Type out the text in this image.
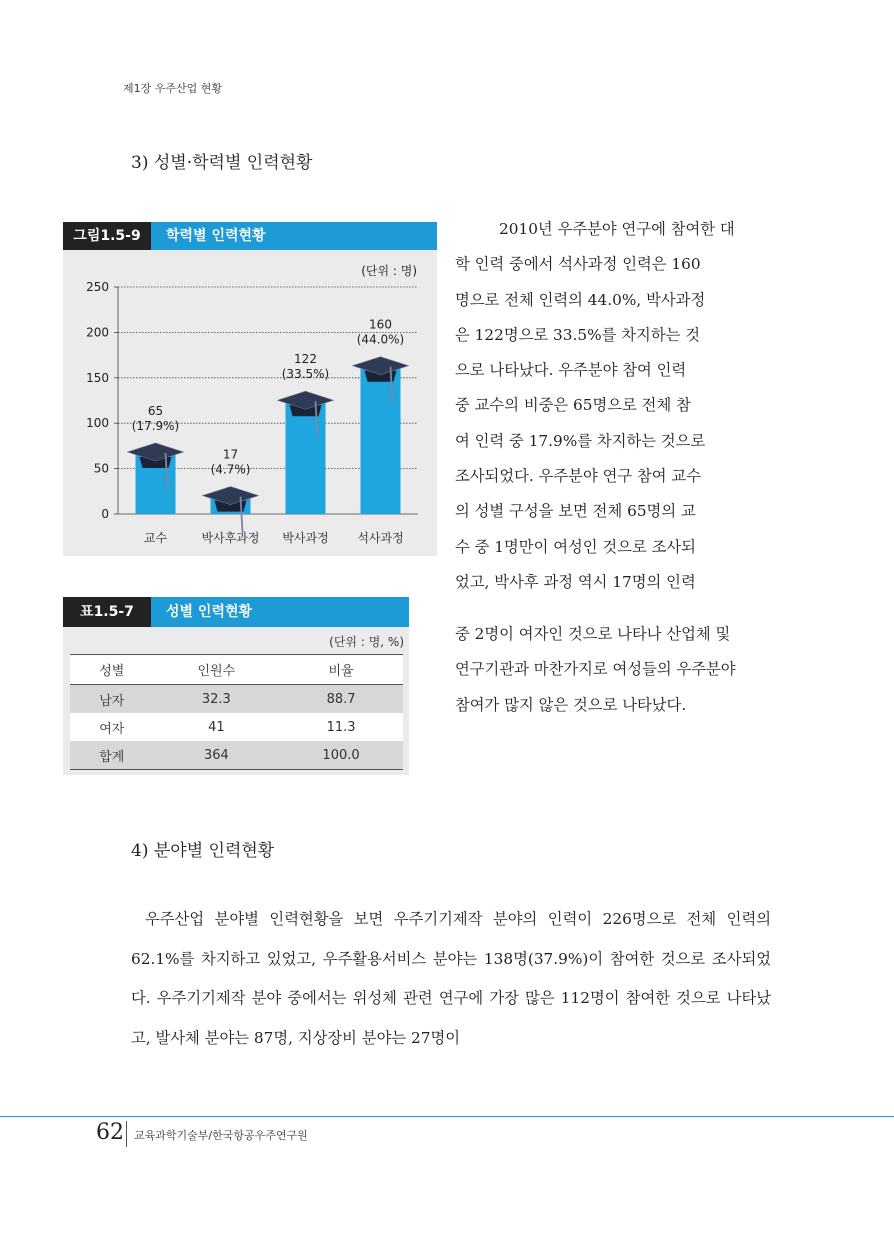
제1장 우주산업 현황
3) 성별·학력별 인력현황
그림1.5-9	학력별 인력현황
(단위 : 명)
0
50
100
150
200
250
65
(17.9%)
17
(4.7%)
122
(33.5%)
160
(44.0%)
교수	박사후과정 박사과정 석사과정
표1.5-7	성별 인력현황
(단위 : 명, %)
성별	인원수	비율
남자	32.3	88.7
여자	41	11.3
합계	364	100.0

2010년 우주분야 연구에 참여한 대

학 인력 중에서 석사과정 인력은 160

명으로 전체 인력의 44.0%, 박사과정

은 122명으로 33.5%를 차지하는 것

으로 나타났다. 우주분야 참여 인력

중 교수의 비중은 65명으로 전체 참

여 인력 중 17.9%를 차지하는 것으로

조사되었다. 우주분야 연구 참여 교수

의 성별 구성을 보면 전체 65명의 교

수 중 1명만이 여성인 것으로 조사되

었고, 박사후 과정 역시 17명의 인력

중 2명이 여자인 것으로 나타나 산업체 및

연구기관과 마찬가지로 여성들의 우주분야

참여가 많지 않은 것으로 나타났다.

4) 분야별 인력현황

우주산업 분야별 인력현황을 보면 우주기기제작 분야의 인력이 226명으로 전체 인력의 62.1%를 차지하고 있었고, 우주활용서비스 분야는 138명(37.9%)이 참여한 것으로 조사되었다. 우주기기제작 분야 중에서는 위성체 관련 연구에 가장 많은 112명이 참여한 것으로 나타났고, 발사체 분야는 87명, 지상장비 분야는 27명이

62 교육과학기술부/한국항공우주연구원
